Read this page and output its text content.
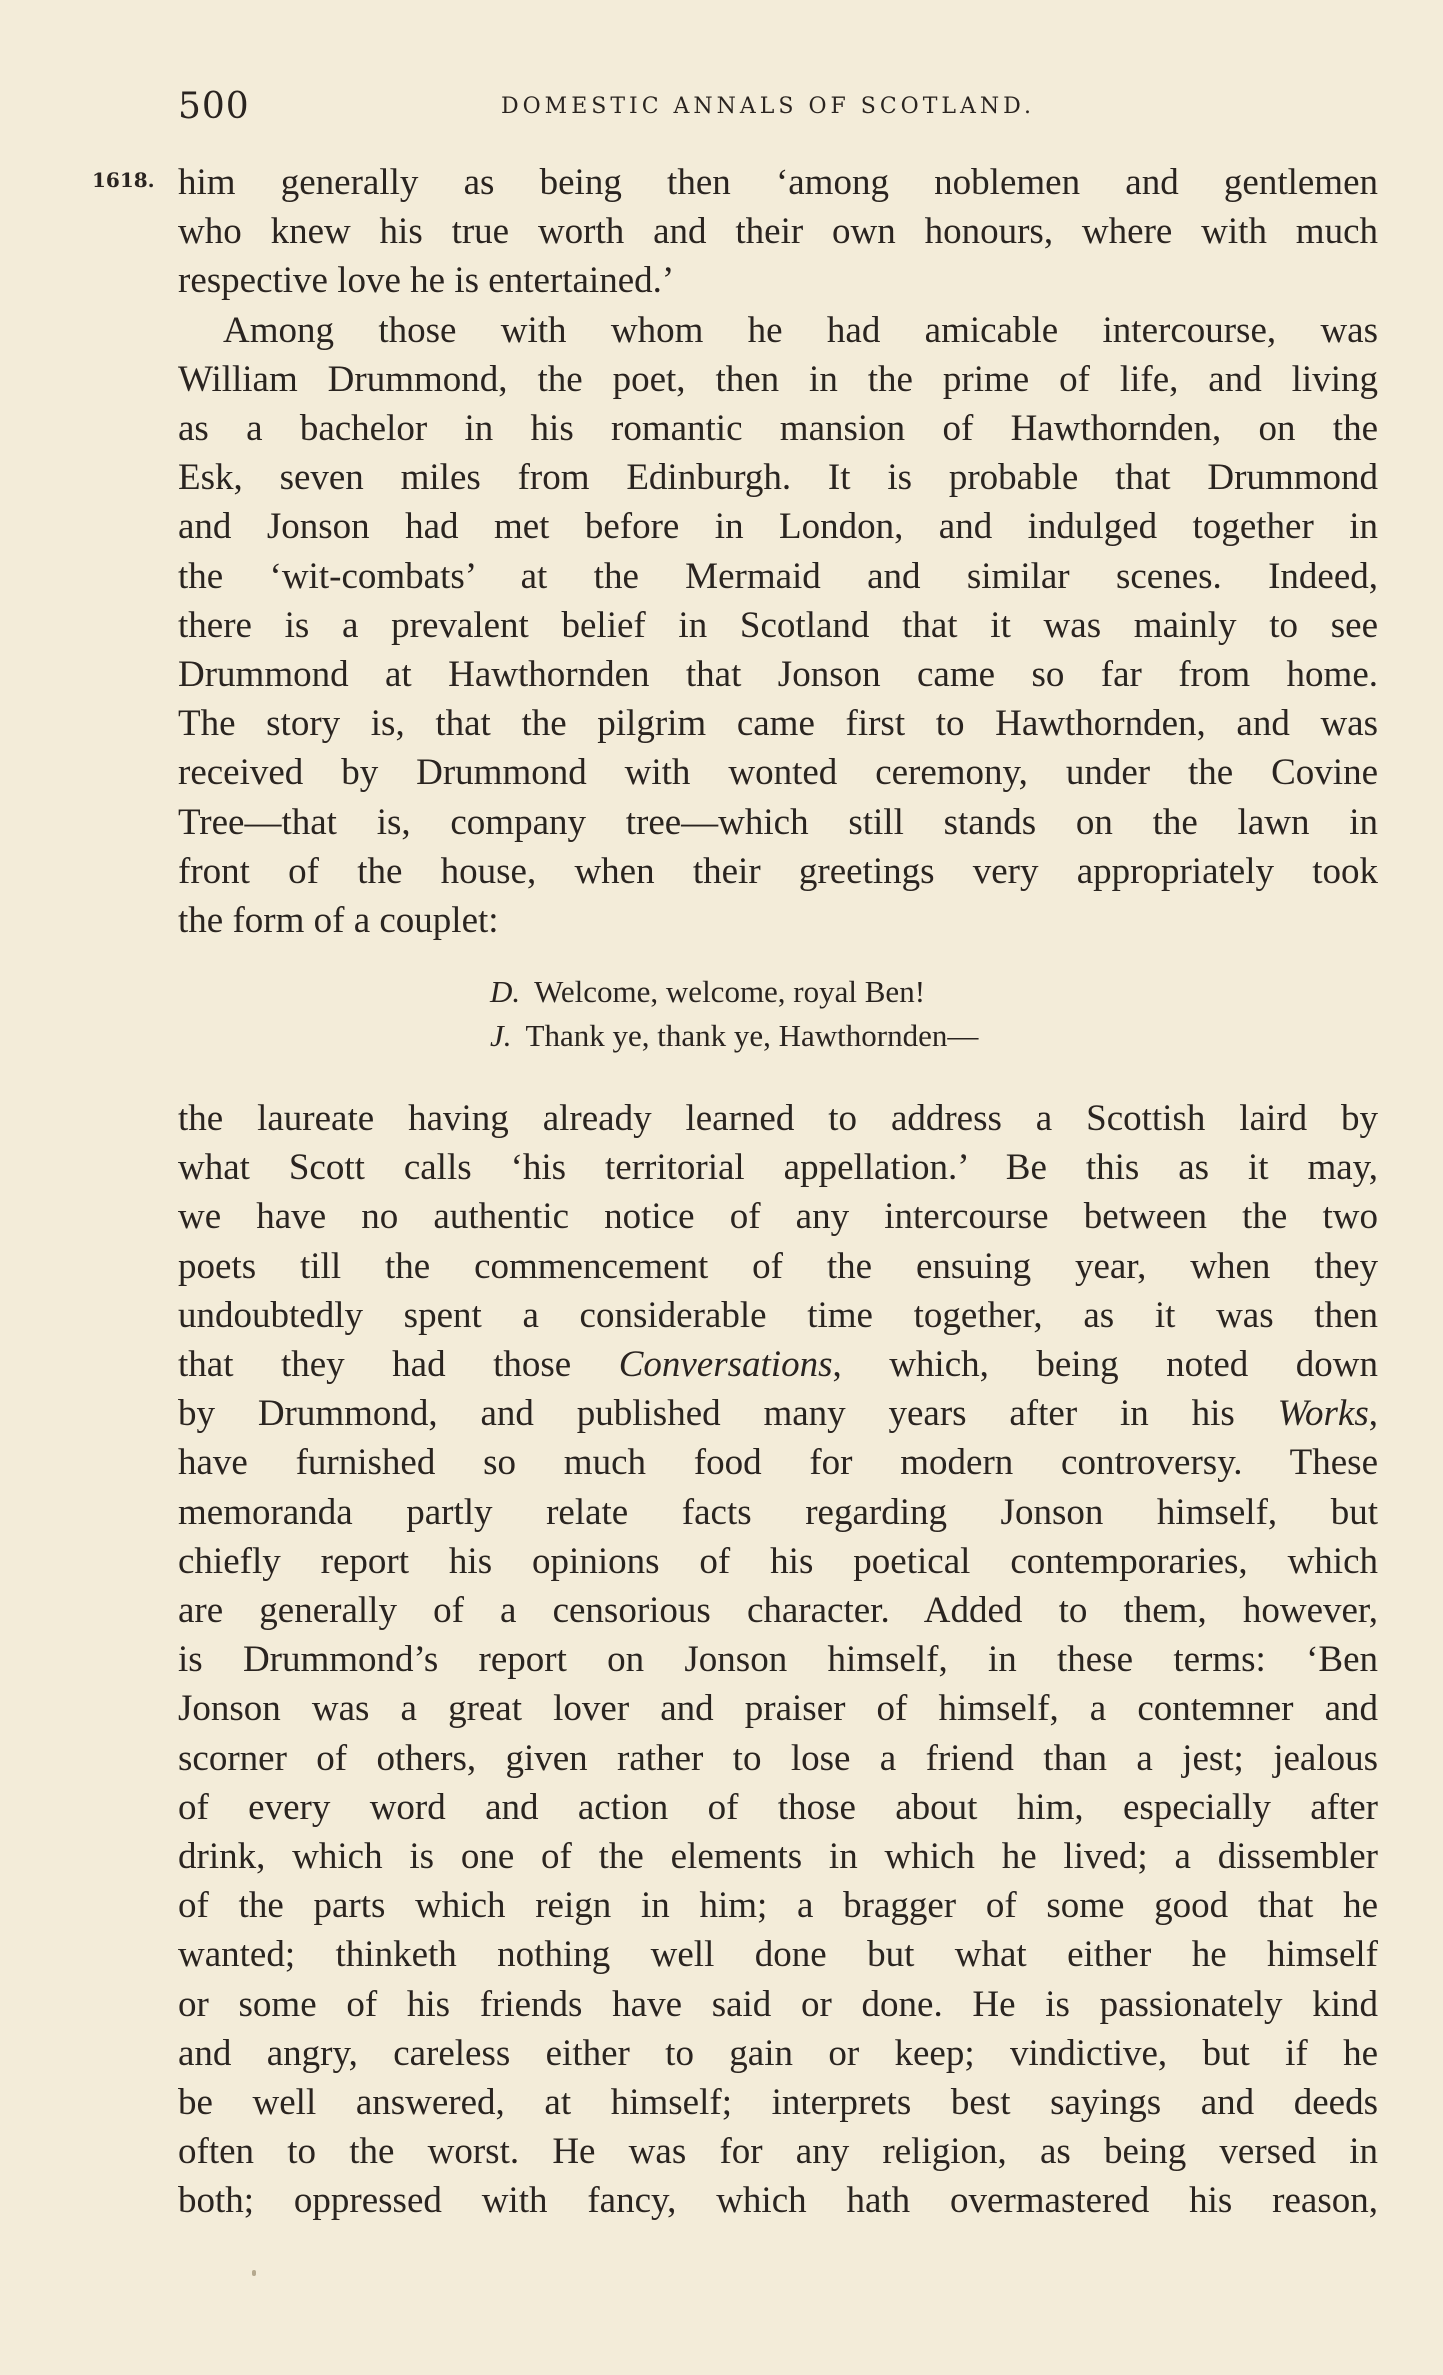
500	DOMESTIC ANNALS OF SCOTLAND.
1618. him generally as being then ‘among noblemen and gentlemen
who knew his true worth and their own honours, where with much
respective love he is entertained.’
Among those with whom he had amicable intercourse, was
William Drummond, the poet, then in the prime of life, and living
as a bachelor in his romantic mansion of Hawthornden, on the
Esk, seven miles from Edinburgh. It is probable that Drummond
and Jonson had met before in London, and indulged together in
the ‘wit-combats’ at the Mermaid and similar scenes. Indeed,
there is a prevalent belief in Scotland that it was mainly to see
Drummond at Hawthornden that Jonson came so far from home.
The story is, that the pilgrim came first to Hawthornden, and was
received by Drummond with wonted ceremony, under the Covine
Tree—that is, company tree—which still stands on the lawn in
front of the house, when their greetings very appropriately took
the form of a couplet:
D. Welcome, welcome, royal Ben!
J. Thank ye, thank ye, Hawthornden—
the laureate having already learned to address a Scottish laird by
what Scott calls ‘his territorial appellation.’ Be this as it may,
we have no authentic notice of any intercourse between the two
poets till the commencement of the ensuing year, when they
undoubtedly spent a considerable time together, as it was then
that they had those Conversations, which, being noted down
by Drummond, and published many years after in his Works,
have furnished so much food for modern controversy. These
memoranda partly relate facts regarding Jonson himself, but
chiefly report his opinions of his poetical contemporaries, which
are generally of a censorious character. Added to them, however,
is Drummond’s report on Jonson himself, in these terms: ‘Ben
Jonson was a great lover and praiser of himself, a contemner and
scorner of others, given rather to lose a friend than a jest; jealous
of every word and action of those about him, especially after
drink, which is one of the elements in which he lived; a dissembler
of the parts which reign in him; a bragger of some good that he
wanted; thinketh nothing well done but what either he himself
or some of his friends have said or done. He is passionately kind
and angry, careless either to gain or keep; vindictive, but if he
be well answered, at himself; interprets best sayings and deeds
often to the worst. He was for any religion, as being versed in
both; oppressed with fancy, which hath overmastered his reason,
